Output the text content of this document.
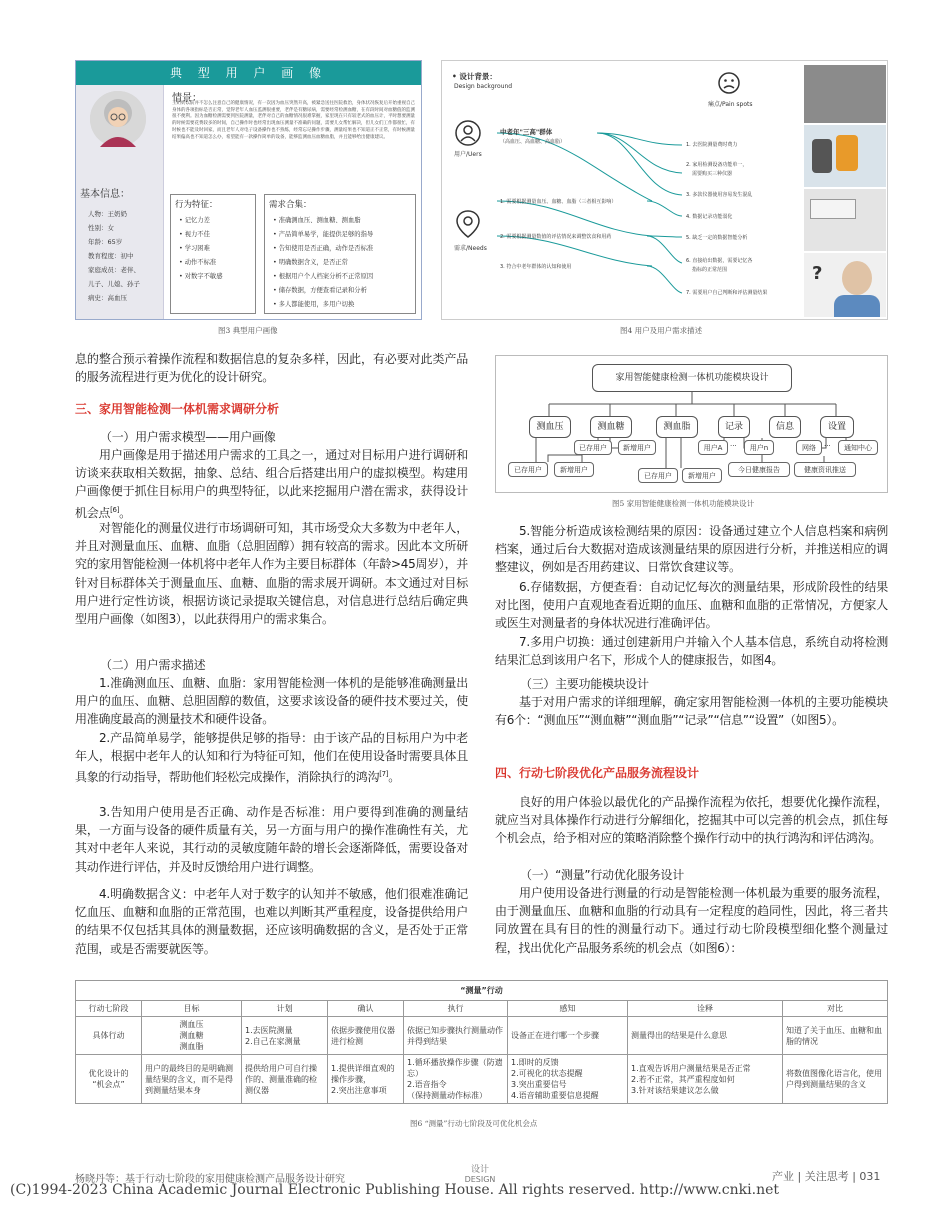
典 型 用 户 画 像
基本信息：
人物：王奶奶
性别：女
年龄：65岁
教育程度：初中
家庭成员：老伴、
儿子、儿媳、孙子
病史：高血压
情景：
王奶奶以前并不怎么注意自己的健康情况，有一次因为血压突然升高，被紧急送往医院救治，身体状况恢复后开始重视自己身体的各项指标是否正常，觉得老年人血压监测很重要，老伴是有糖尿病，需要经常检测血糖，在有段时间对血糖值的监测很不便利。因为血糖检测需要到医院测量，老伴对自己的血糖情况很难掌握，家里现在只有较老式的血压计，平时想要测量的时候需要花费较多的时间，自己操作时也经常出现血压测量不准确的问题，需要儿女帮忙解决，但儿女们工作都很忙，有时候也不能及时回家，而且老年人对电子设备操作也不熟练，经常忘记操作步骤，测量结果也不知道正不正常，有时候测量结果偏高也不知道怎么办，希望能有一款操作简单的设备，能够监测血压血糖血脂，并且能够给出健康建议。
行为特征：
• 记忆力差
• 视力不佳
• 学习困难
• 动作不标准
• 对数字不敏感
需求合集：
• 准确测血压、测血糖、测血脂
• 产品简单易学，能提供足够的指导
• 告知使用是否正确，动作是否标准
• 明确数据含义，是否正常
• 根据用户个人档案分析不正常原因
• 储存数据，方便查看记录和分析
• 多人都能使用，多用户切换
图3 典型用户画像
• 设计背景：
Design background
痛点/Pain spots
用户/Uers
中老年"三高"群体
（高血压、高血糖、高血脂）
需求/Needs
1. 需要根据测量血压、血糖、血脂（三者相互影响）
2. 需要根据测量数值的评估情况来调整饮食和用药
3. 符合中老年群体的认知和使用
1. 去医院测量费时费力
2. 家用检测设备功能单一，
需要购买三种仪器
3. 多款仪器使用容易发生混乱
4. 数据记录功能弱化
5. 缺乏一定的数据智能分析
6. 直接给出数据，需要记忆各
指标的正常范围
7. 需要用户自己判断和评估测量结果
?
图4 用户及用户需求描述
息的整合预示着操作流程和数据信息的复杂多样，因此，有必要对此类产品的服务流程进行更为优化的设计研究。
三、家用智能检测一体机需求调研分析
（一）用户需求模型——用户画像
用户画像是用于描述用户需求的工具之一，通过对目标用户进行调研和访谈来获取相关数据，抽象、总结、组合后搭建出用户的虚拟模型。构建用户画像便于抓住目标用户的典型特征，以此来挖掘用户潜在需求，获得设计机会点[6]。
对智能化的测量仪进行市场调研可知，其市场受众大多数为中老年人，并且对测量血压、血糖、血脂（总胆固醇）拥有较高的需求。因此本文所研究的家用智能检测一体机将中老年人作为主要目标群体（年龄>45周岁），并针对目标群体关于测量血压、血糖、血脂的需求展开调研。本文通过对目标用户进行定性访谈，根据访谈记录提取关键信息，对信息进行总结后确定典型用户画像（如图3），以此获得用户的需求集合。
（二）用户需求描述
1.准确测血压、血糖、血脂：家用智能检测一体机的是能够准确测量出用户的血压、血糖、总胆固醇的数值，这要求该设备的硬件技术要过关，使用准确度最高的测量技术和硬件设备。
2.产品简单易学，能够提供足够的指导：由于该产品的目标用户为中老年人，根据中老年人的认知和行为特征可知，他们在使用设备时需要具体且具象的行动指导，帮助他们轻松完成操作，消除执行的鸿沟[7]。
3.告知用户使用是否正确、动作是否标准：用户要得到准确的测量结果，一方面与设备的硬件质量有关，另一方面与用户的操作准确性有关，尤其对中老年人来说，其行动的灵敏度随年龄的增长会逐渐降低，需要设备对其动作进行评估，并及时反馈给用户进行调整。
4.明确数据含义：中老年人对于数字的认知并不敏感，他们很难准确记忆血压、血糖和血脂的正常范围，也难以判断其严重程度，设备提供给用户的结果不仅包括其具体的测量数据，还应该明确数据的含义，是否处于正常范围，或是否需要就医等。
家用智能健康检测一体机功能模块设计
测血压	测血糖	测血脂	记录	信息	设置
已存用户	新增用户
已存用户	新增用户
已存用户	新增用户
用户A	···	用户n
今日健康报告	健康资讯推送
网络	···	通知中心
图5 家用智能健康检测一体机功能模块设计
5.智能分析造成该检测结果的原因：设备通过建立个人信息档案和病例档案，通过后台大数据对造成该测量结果的原因进行分析，并推送相应的调整建议，例如是否用药建议、日常饮食建议等。
6.存储数据，方便查看：自动记忆每次的测量结果，形成阶段性的结果对比图，使用户直观地查看近期的血压、血糖和血脂的正常情况，方便家人或医生对测量者的身体状况进行准确评估。
7.多用户切换：通过创建新用户并输入个人基本信息，系统自动将检测结果汇总到该用户名下，形成个人的健康报告，如图4。
（三）主要功能模块设计
基于对用户需求的详细理解，确定家用智能检测一体机的主要功能模块有6个：“测血压”“测血糖”“测血脂”“记录”“信息”“设置”（如图5）。
四、行动七阶段优化产品服务流程设计
良好的用户体验以最优化的产品操作流程为依托，想要优化操作流程，就应当对具体操作行动进行分解细化，挖掘其中可以完善的机会点，抓住每个机会点，给予相对应的策略消除整个操作行动中的执行鸿沟和评估鸿沟。
（一）“测量”行动优化服务设计
用户使用设备进行测量的行动是智能检测一体机最为重要的服务流程，由于测量血压、血糖和血脂的行动具有一定程度的趋同性，因此，将三者共同放置在具有目的性的测量行动下。通过行动七阶段模型细化整个测量过程，找出优化产品服务系统的机会点（如图6）：
“测量”行动							
行动七阶段	目标	计划	确认	执行	感知	诠释	对比
具体行动	测血压
测血糖
测血脂	1.去医院测量
2.自己在家测量	依据步骤使用仪器进行检测	依据已知步骤执行测量动作并得到结果	设备正在进行哪一个步骤	测量得出的结果是什么意思	知道了关于血压、血糖和血脂的情况
优化设计的
“机会点”	用户的最终目的是明确测量结果的含义，而不是得到测量结果本身	提供给用户可自行操作的、测量准确的检测仪器	1.提供详细直观的操作步骤，
2.突出注意事项	1.循环播放操作步骤（防遗忘）
2.语音指令
（保持测量动作标准）	1.即时的反馈
2.可视化的状态提醒
3.突出重要信号
4.语音辅助重要信息提醒	1.直观告诉用户测量结果是否正常
2.若不正常，其严重程度如何
3.针对该结果建议怎么做	将数值图像化语言化，使用户得到测量结果的含义
图6 “测量”行动七阶段及可优化机会点
杨晓丹等：基于行动七阶段的家用健康检测产品服务设计研究
设计
DESIGN	产业 | 关注思考 | 031
(C)1994-2023 China Academic Journal Electronic Publishing House. All rights reserved. http://www.cnki.net
